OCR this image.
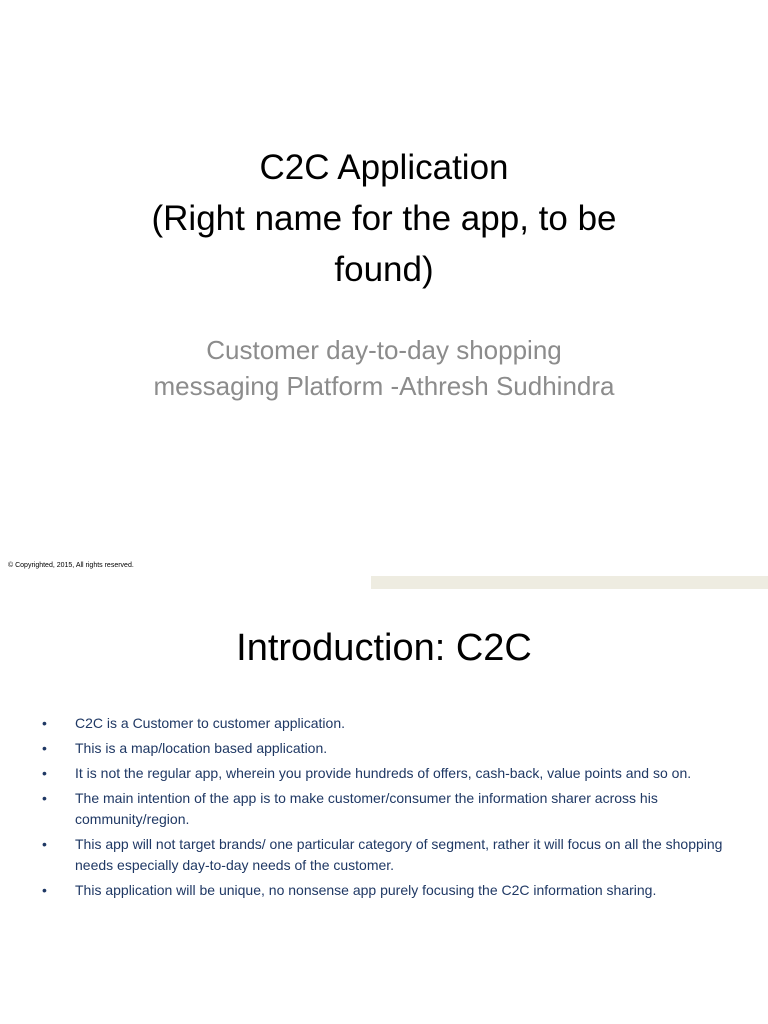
C2C Application
(Right name for the app, to be
found)
Customer day-to-day shopping
messaging Platform -Athresh Sudhindra
© Copyrighted, 2015, All rights reserved.
Introduction: C2C
•	C2C is a Customer to customer application.
•	This is a map/location based application.
•	It is not the regular app, wherein you provide hundreds of offers, cash-back, value points and so on.
•	The main intention of the app is to make customer/consumer the information sharer across his community/region.
•	This app will not target brands/ one particular category of segment, rather it will focus on all the shopping needs especially day-to-day needs of the customer.
•	This application will be unique, no nonsense app purely focusing the C2C information sharing.
